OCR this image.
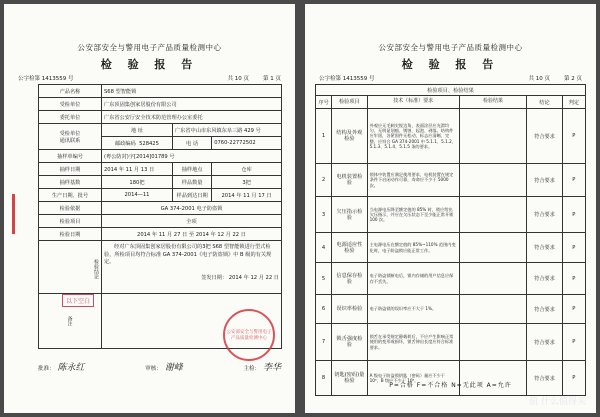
公安部安全与警用电子产品质量检测中心
检 验 报 告
公字检第 1413559 号	共 10 页	第 1 页
产品名称	S68 型智能锁		
受检单位	广东顶固集创家居股份有限公司		
委托单位	广东省公安厅安全技术防范管理办公室委托		
受检单位
通讯联系	地 址	广东省中山市东风镇东阜三路 429 号	
	邮政编码 528425	电 话	0760-22772502
抽样单编号	(粤公防封)字[2014]01789 号		
抽样日期	2014 年 11 月 13 日	抽样地点	仓库
抽样基数	180把	样品数量	3把
生产日期、批号	2014—11	样品到达日期	2014 年 11 月 17 日
检验依据	GA 374-2001 电子防盗锁		
检验项目	全项		
检验日期	2014 年 11 月 27 日 至 2014 年 12 月 22 日		
检验结论	经对广东顶固集创家居股份有限公司的3把 S68 型智能锁进行型式检验，所检项目均符合标准 GA 374-2001《电子防盗锁》中 B 级的有关规定。
签发日期： 2014 年 12 月 22 日		

备注			
以下空白
公安部安全与警用电子产品质量检测中心
批准： 陈永红	审核： 谢峰	主检： 李华
公安部安全与警用电子产品质量检测中心
检 验 报 告
公字检第 1413559 号	共 10 页	第 2 页
检验项目、检验结果					
序号	检验项目	技术（标准）要求	检验结果	结论	判定
1	结构及外观检验	外观应无毛刺尖锐边角，表面涂层应光滑均匀，无明显划痕、锈蚀、起泡、剥落。结构件应牢固，各紧固件无松动，标志应清晰、完整。应符合 GA 374-2001 中 5.1.1、5.1.2、5.1.3、5.1.4、5.1.5 条的要求。		符合要求	P
2	电机装置检验	锁体中装置应满足使用要求，电机装置在规定条件下启闭动作可靠，寿命应不少于 5000 次。		符合要求	P
3	欠压指示检验	当电源电压降至额定值的 85% 时，锁应给出欠压指示，并应在欠压状态下至少能正常开锁 100 次。		符合要求	P
4	电源适应性检验	主电源电压在额定值的 85%~110% 范围内变化时，电子防盗锁应能正常工作。		符合要求	P
5	信息保存检验	电子防盗锁断电后，锁内存储的用户信息应保存不丢失。		符合要求	P
6	误识率检验	电子防盗锁的误识率应不大于 1%。		符合要求	P
7	锁舌强度检验	锁舌在承受规定静载荷后，不应产生影响正常使用的变形或损坏，锁舌伸出长度应符合标准要求。		符合要求	P
8	钥匙(密码)量检验	A 级电子防盗锁钥匙（密码）量应不少于 10⁶，B 级应不少于 10⁸。		符合要求	P
P=合格 F=不合格 N=无此项 A=允许
值 什么值得买
